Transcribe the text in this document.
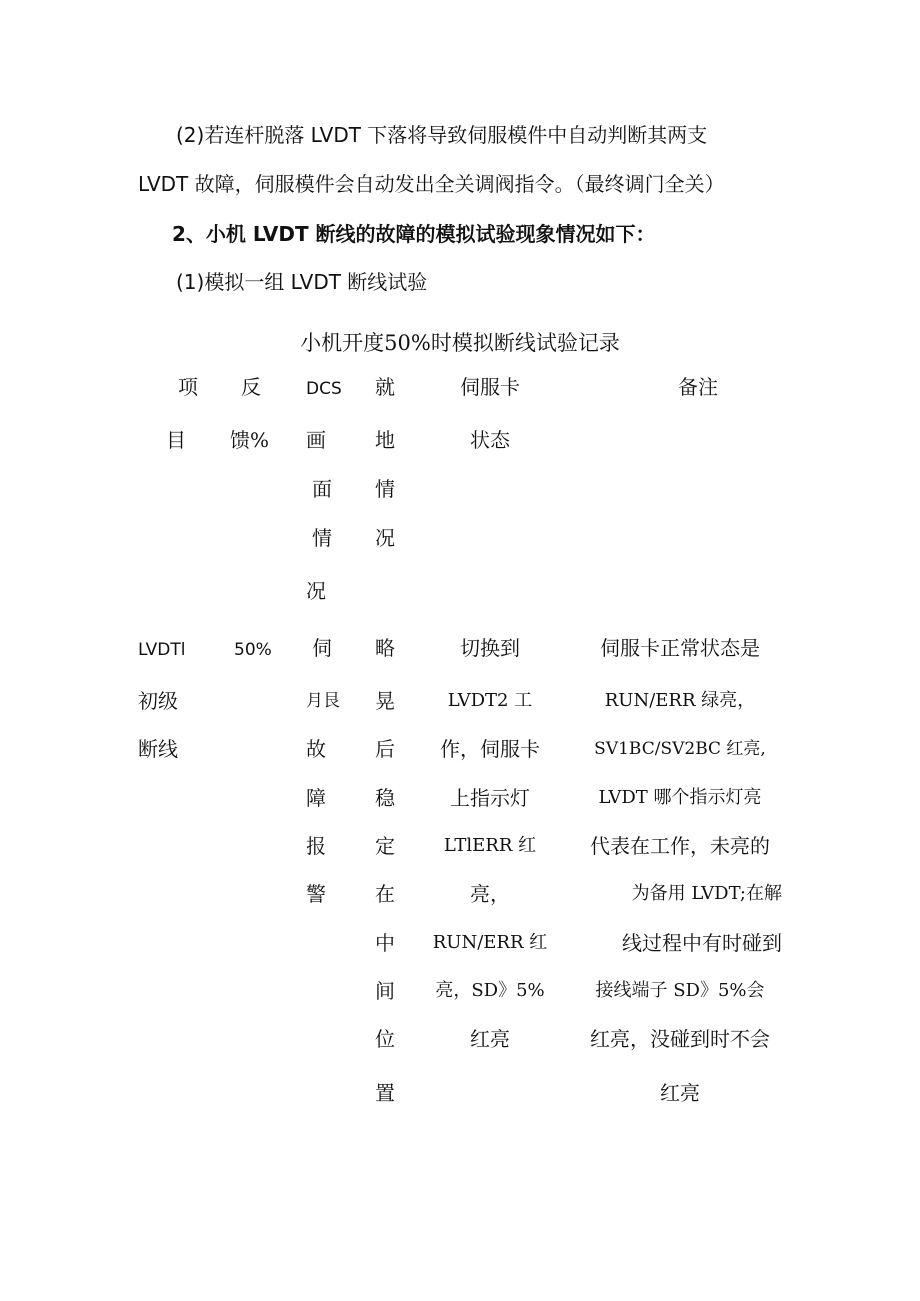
(2)若连杆脱落 LVDT 下落将导致伺服模件中自动判断其两支
LVDT 故障，伺服模件会自动发出全关调阀指令。（最终调门全关）
2、小机 LVDT 断线的故障的模拟试验现象情况如下：
(1)模拟一组 LVDT 断线试验
小机开度50%时模拟断线试验记录
项
目
反
馈%
DCS
画
面
情
况
就
地
情
况
伺服卡
状态
备注
LVDTl
初级
断线
50% 伺
月艮
故
障
报
警
略
晃
后
稳
定
在
中
间
位
置
切换到
LVDT2 工
作，伺服卡
上指示灯
LTlERR 红
亮，
RUN/ERR 红
亮，SD》5%
红亮
伺服卡正常状态是
RUN/ERR 绿亮，
SV1BC/SV2BC 红亮,
LVDT 哪个指示灯亮
代表在工作，未亮的
为备用 LVDT;在解
线过程中有时碰到
接线端子 SD》5%会
红亮，没碰到时不会
红亮
